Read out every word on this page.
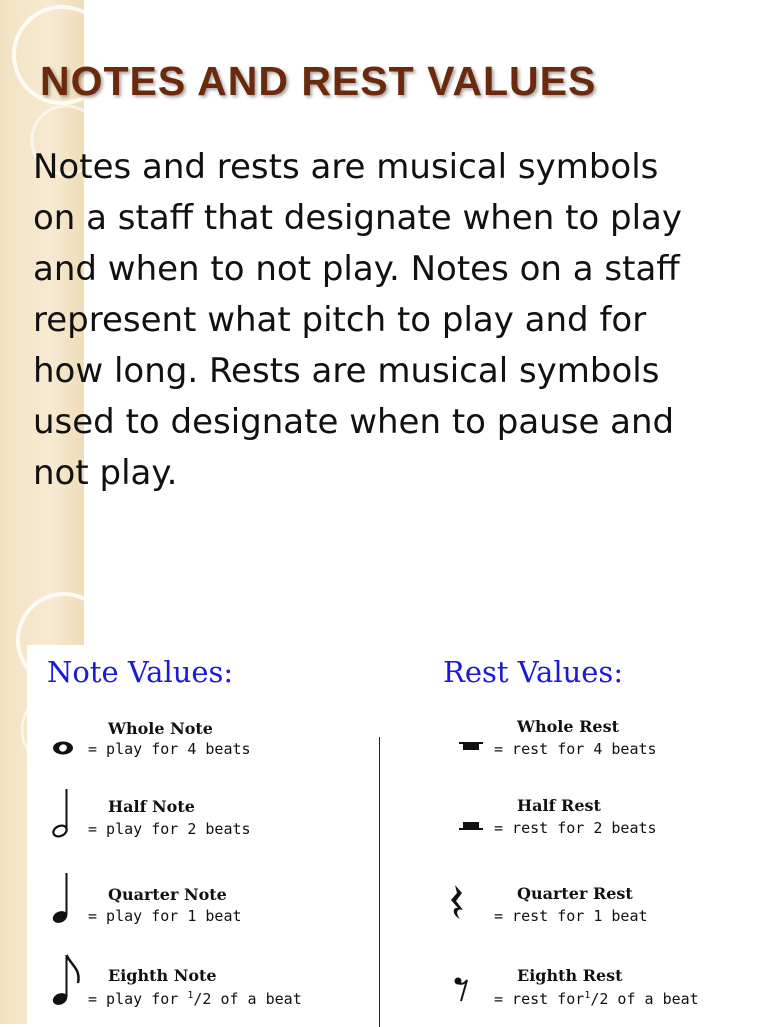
NOTES AND REST VALUES

Notes and rests are musical symbols
on a staff that designate when to play
and when to not play. Notes on a staff
represent what pitch to play and for
how long. Rests are musical symbols
used to designate when to pause and
not play.

Note Values:	Rest Values:
Whole Note
= play for 4 beats
Half Note
= play for 2 beats
Quarter Note
= play for 1 beat
Eighth Note
= play for $^1$/2 of a beat
Whole Rest
= rest for 4 beats
Half Rest
= rest for 2 beats
Quarter Rest
= rest for 1 beat
Eighth Rest
= rest for$^1$/2 of a beat
